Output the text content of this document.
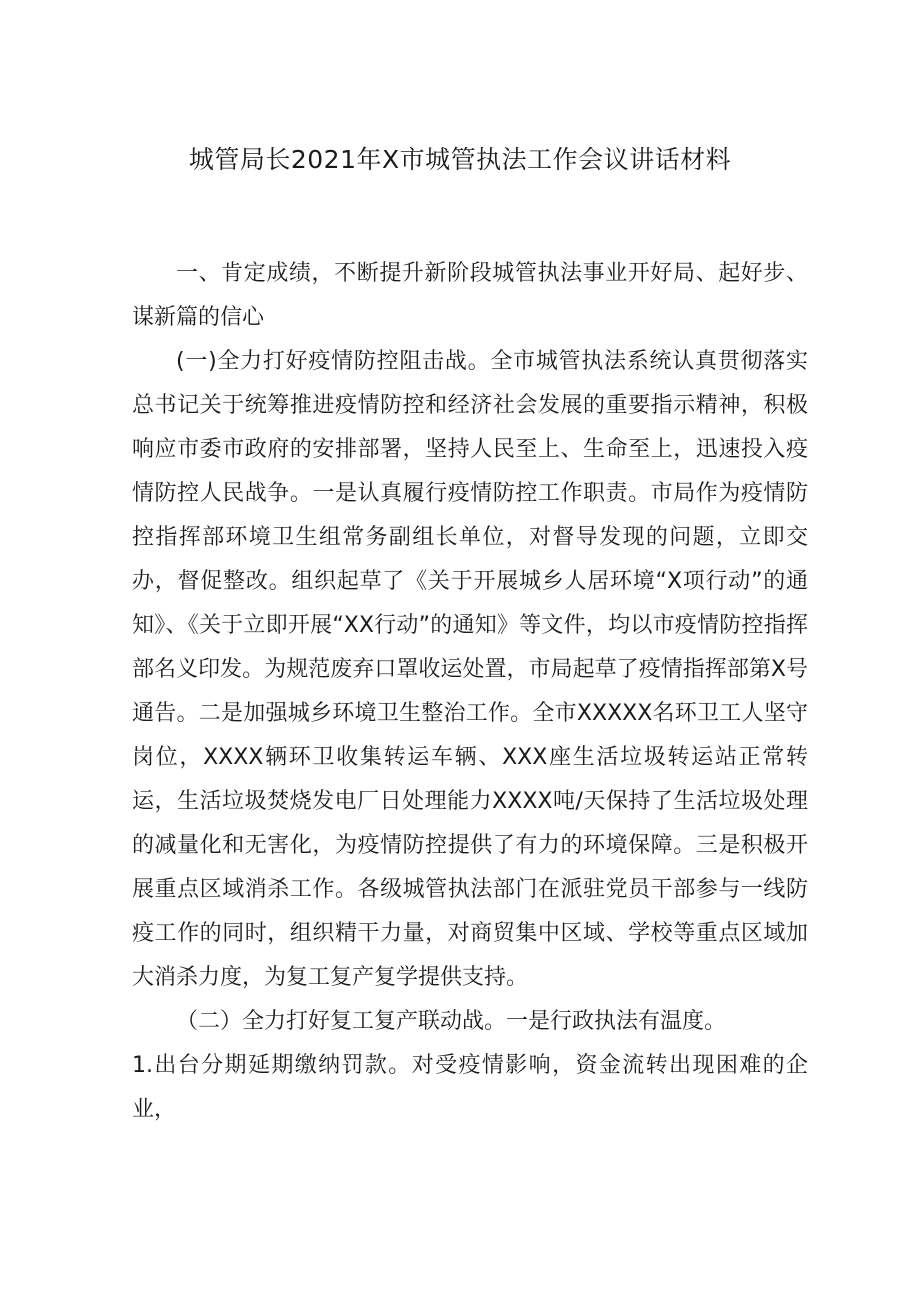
城管局长2021年X市城管执法工作会议讲话材料

一、肯定成绩，不断提升新阶段城管执法事业开好局、起好步、谋新篇的信心

(一)全力打好疫情防控阻击战。全市城管执法系统认真贯彻落实总书记关于统筹推进疫情防控和经济社会发展的重要指示精神，积极响应市委市政府的安排部署，坚持人民至上、生命至上，迅速投入疫情防控人民战争。一是认真履行疫情防控工作职责。市局作为疫情防控指挥部环境卫生组常务副组长单位，对督导发现的问题，立即交办，督促整改。组织起草了《关于开展城乡人居环境“X项行动”的通知》、《关于立即开展“XX行动”的通知》等文件，均以市疫情防控指挥部名义印发。为规范废弃口罩收运处置，市局起草了疫情指挥部第X号通告。二是加强城乡环境卫生整治工作。全市XXXXX名环卫工人坚守岗位，XXXX辆环卫收集转运车辆、XXX座生活垃圾转运站正常转运，生活垃圾焚烧发电厂日处理能力XXXX吨/天保持了生活垃圾处理的减量化和无害化，为疫情防控提供了有力的环境保障。三是积极开展重点区域消杀工作。各级城管执法部门在派驻党员干部参与一线防疫工作的同时，组织精干力量，对商贸集中区域、学校等重点区域加大消杀力度，为复工复产复学提供支持。

（二）全力打好复工复产联动战。一是行政执法有温度。

1.出台分期延期缴纳罚款。对受疫情影响，资金流转出现困难的企业，
